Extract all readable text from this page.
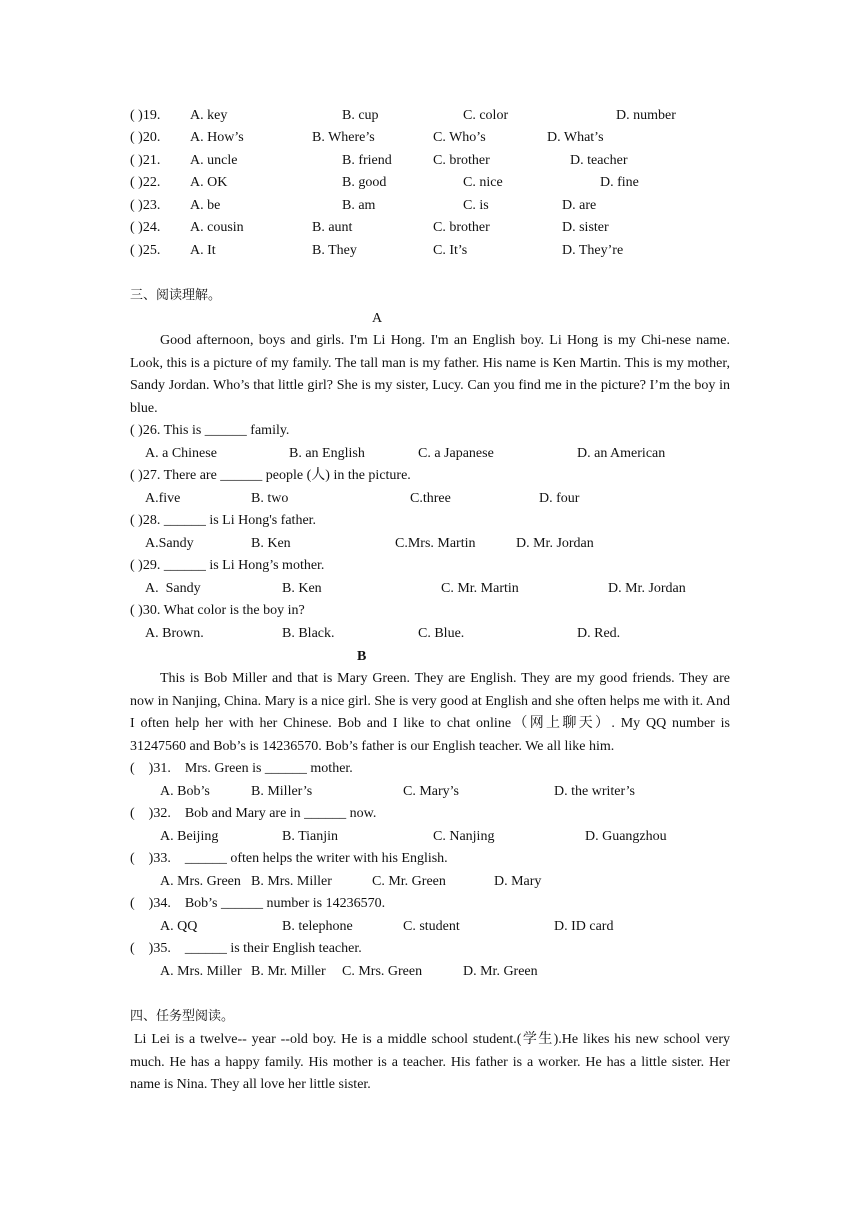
( )19. A. key	B. cup	C. color	D. number
( )20. A. How’s	B. Where’s	C. Who’s	D. What’s
( )21. A. uncle	B. friend	C. brother	D. teacher
( )22. A. OK	B. good	C. nice	D. fine
( )23. A. be	B. am	C. is	D. are
( )24. A. cousin	B. aunt	C. brother	D. sister
( )25. A. It	B. They	C. It’s	D. They’re
三、阅读理解。
A
Good afternoon, boys and girls. I'm Li Hong. I'm an English boy. Li Hong is my Chi-nese name. Look, this is a picture of my family. The tall man is my father. His name is Ken Martin. This is my mother, Sandy Jordan. Who’s that little girl? She is my sister, Lucy. Can you find me in the picture? I’m the boy in blue.
( )26. This is ______ family.
A. a Chinese	B. an English	C. a Japanese	D. an American
( )27. There are ______ people (人) in the picture.
A.five	B. two	C.three	D. four
( )28. ______ is Li Hong's father.
A.Sandy	B. Ken	C.Mrs. Martin	D. Mr. Jordan
( )29. ______ is Li Hong’s mother.
A.  Sandy	B. Ken	C. Mr. Martin	D. Mr. Jordan
( )30. What color is the boy in?
A. Brown.	B. Black.	C. Blue.	D. Red.
B
This is Bob Miller and that is Mary Green. They are English. They are my good friends. They are now in Nanjing, China. Mary is a nice girl. She is very good at English and she often helps me with it. And I often help her with her Chinese. Bob and I like to chat online（网上聊天）. My QQ number is 31247560 and Bob’s is 14236570. Bob’s father is our English teacher. We all like him.
(    )31.    Mrs. Green is ______ mother.
A. Bob’s	B. Miller’s	C. Mary’s	D. the writer’s
(    )32.    Bob and Mary are in ______ now.
A. Beijing	B. Tianjin	C. Nanjing	D. Guangzhou
(    )33.    ______ often helps the writer with his English.
A. Mrs. Green B. Mrs. Miller	C. Mr. Green	D. Mary
(    )34.    Bob’s ______ number is 14236570.
A. QQ	B. telephone	C. student	D. ID card
(    )35.    ______ is their English teacher.
A. Mrs. Miller B. Mr. Miller C. Mrs. Green	D. Mr. Green
四、任务型阅读。
Li Lei is a twelve-- year --old boy. He is a middle school student.(学生).He likes his new school very much. He has a happy family. His mother is a teacher. His father is a worker. He has a little sister. Her name is Nina. They all love her little sister.
